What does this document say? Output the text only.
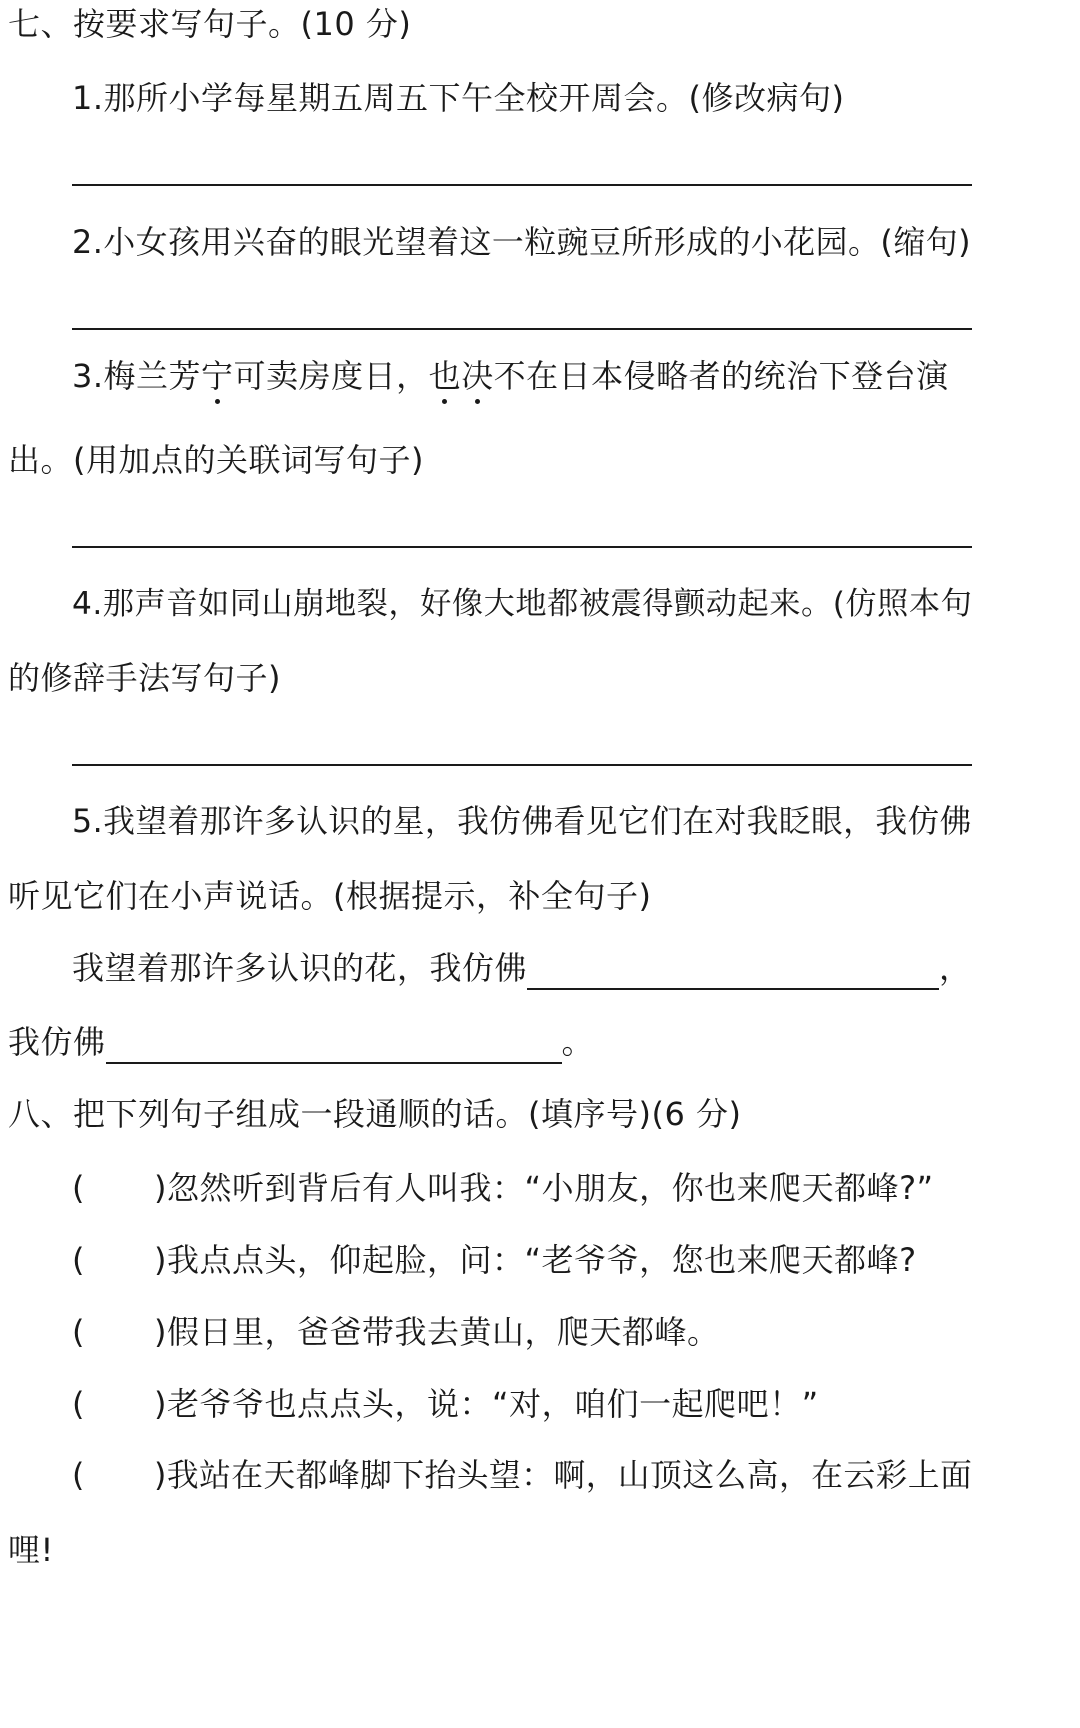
七、按要求写句子。(10 分)
1.那所小学每星期五周五下午全校开周会。(修改病句)
2.小女孩用兴奋的眼光望着这一粒豌豆所形成的小花园。(缩句)
3.梅兰芳宁可卖房度日，也决不在日本侵略者的统治下登台演
出。(用加点的关联词写句子)
4.那声音如同山崩地裂，好像大地都被震得颤动起来。(仿照本句
的修辞手法写句子)
5.我望着那许多认识的星，我仿佛看见它们在对我眨眼，我仿佛
听见它们在小声说话。(根据提示，补全句子)
我望着那许多认识的花，我仿佛	，
我仿佛	。
八、把下列句子组成一段通顺的话。(填序号)(6 分)
( )忽然听到背后有人叫我：“小朋友，你也来爬天都峰?”
( )我点点头，仰起脸，问：“老爷爷，您也来爬天都峰?
( )假日里，爸爸带我去黄山，爬天都峰。
( )老爷爷也点点头，说：“对，咱们一起爬吧！”
( )我站在天都峰脚下抬头望：啊，山顶这么高，在云彩上面
哩!
